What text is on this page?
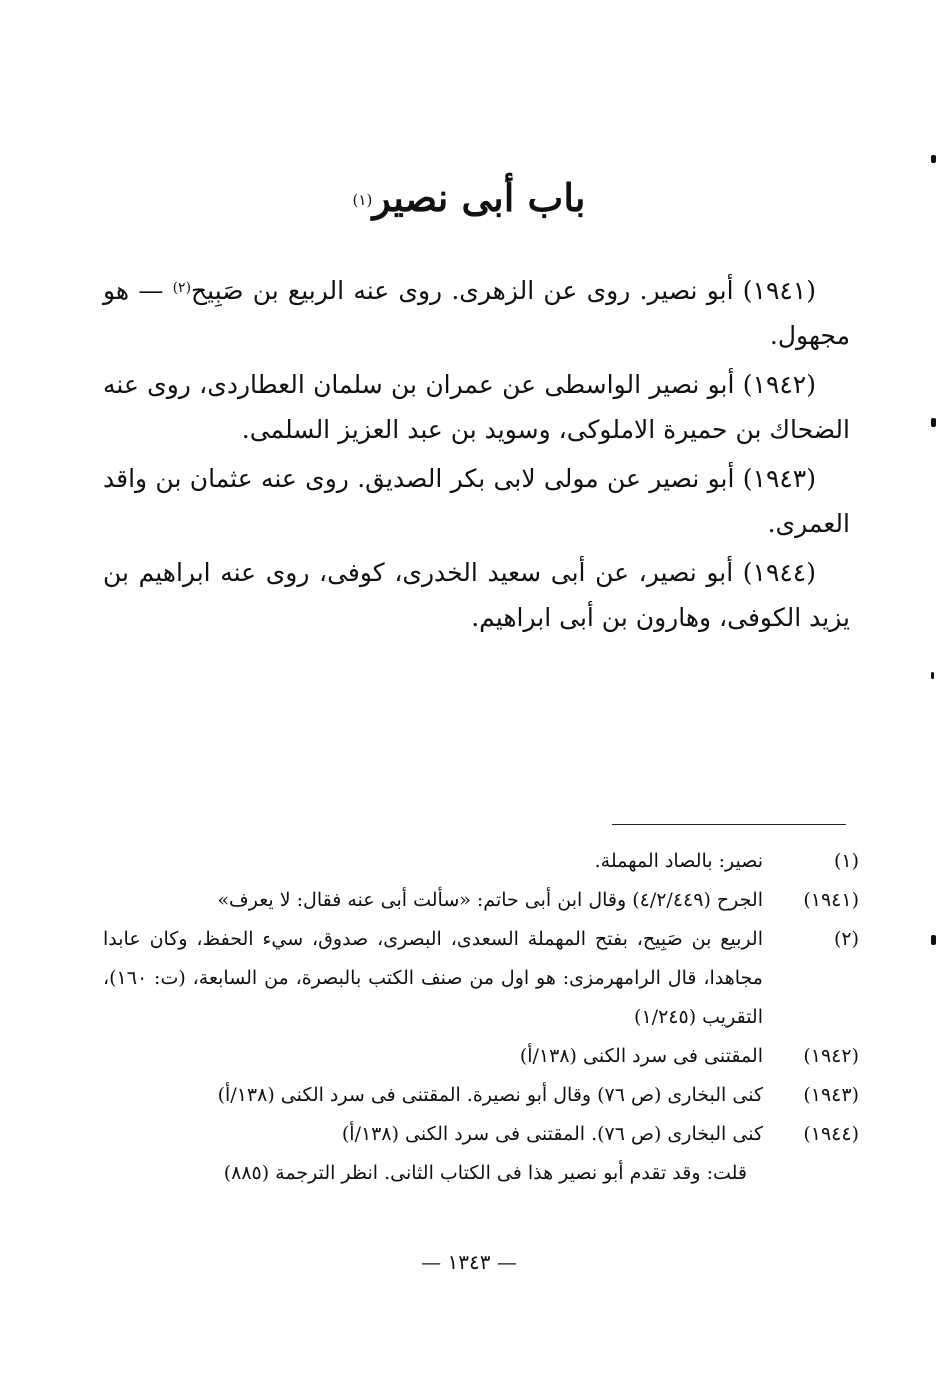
باب أبى نصير$^{(١)}$

(١٩٤١) أبو نصير. روى عن الزهرى. روى عنه الربيع بن صَبِيح$^{(٢)}$ — هو مجهول.

(١٩٤٢) أبو نصير الواسطى عن عمران بن سلمان العطاردى، روى عنه الضحاك بن حميرة الاملوكى، وسويد بن عبد العزيز السلمى.

(١٩٤٣) أبو نصير عن مولى لابى بكر الصديق. روى عنه عثمان بن واقد العمرى.

(١٩٤٤) أبو نصير، عن أبى سعيد الخدرى، كوفى، روى عنه ابراهيم بن يزيد الكوفى، وهارون بن أبى ابراهيم.

(١)
نصير: بالصاد المهملة.
(١٩٤١)
الجرح (٤/٢/٤٤٩) وقال ابن أبى حاتم: «سألت أبى عنه فقال: لا يعرف»
(٢)
الربيع بن صَبِيح، بفتح المهملة السعدى، البصرى، صدوق، سيء الحفظ، وكان عابدا مجاهدا، قال الرامهرمزى: هو اول من صنف الكتب بالبصرة، من السابعة، (ت: ١٦٠)، التقريب (١/٢٤٥)
(١٩٤٢)
المقتنى فى سرد الكنى (١٣٨/أ)
(١٩٤٣)
كنى البخارى (ص ٧٦) وقال أبو نصيرة. المقتنى فى سرد الكنى (١٣٨/أ)
(١٩٤٤)
كنى البخارى (ص ٧٦). المقتنى فى سرد الكنى (١٣٨/أ)
قلت: وقد تقدم أبو نصير هذا فى الكتاب الثانى. انظر الترجمة (٨٨٥)
— ١٣٤٣ —
